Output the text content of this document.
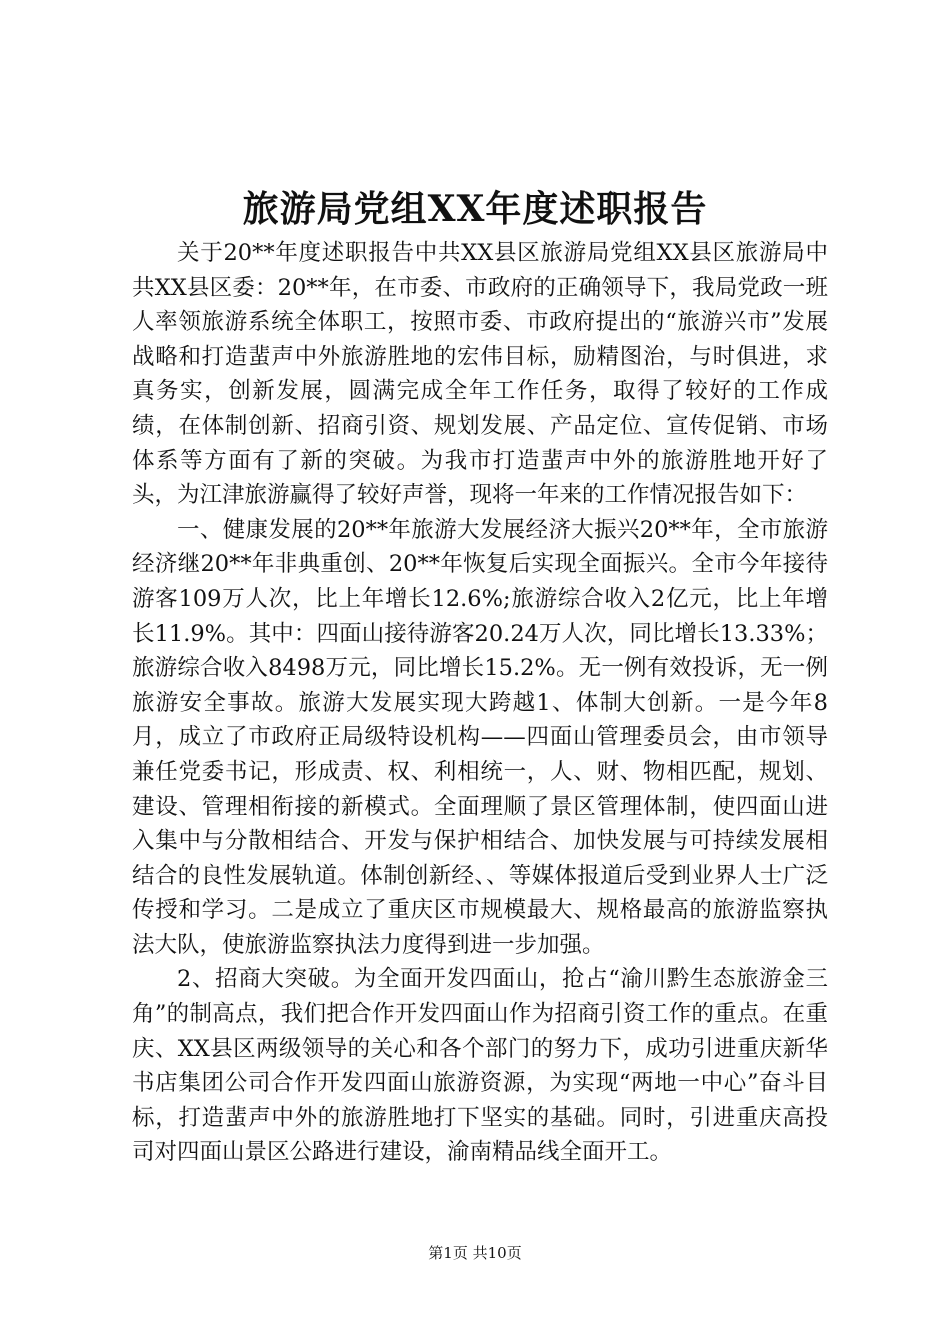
旅游局党组XX年度述职报告

关于20**年度述职报告中共XX县区旅游局党组XX县区旅游局中共XX县区委：20**年，在市委、市政府的正确领导下，我局党政一班人率领旅游系统全体职工，按照市委、市政府提出的“旅游兴市”发展战略和打造蜚声中外旅游胜地的宏伟目标，励精图治，与时俱进，求真务实，创新发展，圆满完成全年工作任务，取得了较好的工作成绩，在体制创新、招商引资、规划发展、产品定位、宣传促销、市场体系等方面有了新的突破。为我市打造蜚声中外的旅游胜地开好了头，为江津旅游赢得了较好声誉，现将一年来的工作情况报告如下：

一、健康发展的20**年旅游大发展经济大振兴20**年，全市旅游经济继20**年非典重创、20**年恢复后实现全面振兴。全市今年接待游客109万人次，比上年增长12.6%;旅游综合收入2亿元，比上年增长11.9%。其中：四面山接待游客20.24万人次，同比增长13.33%；旅游综合收入8498万元，同比增长15.2%。无一例有效投诉，无一例旅游安全事故。旅游大发展实现大跨越1、体制大创新。一是今年8月，成立了市政府正局级特设机构——四面山管理委员会，由市领导兼任党委书记，形成责、权、利相统一，人、财、物相匹配，规划、建设、管理相衔接的新模式。全面理顺了景区管理体制，使四面山进入集中与分散相结合、开发与保护相结合、加快发展与可持续发展相结合的良性发展轨道。体制创新经、、等媒体报道后受到业界人士广泛传授和学习。二是成立了重庆区市规模最大、规格最高的旅游监察执法大队，使旅游监察执法力度得到进一步加强。

2、招商大突破。为全面开发四面山，抢占“渝川黔生态旅游金三角”的制高点，我们把合作开发四面山作为招商引资工作的重点。在重庆、XX县区两级领导的关心和各个部门的努力下，成功引进重庆新华书店集团公司合作开发四面山旅游资源，为实现“两地一中心”奋斗目标，打造蜚声中外的旅游胜地打下坚实的基础。同时，引进重庆高投司对四面山景区公路进行建设，渝南精品线全面开工。

第1页 共10页
